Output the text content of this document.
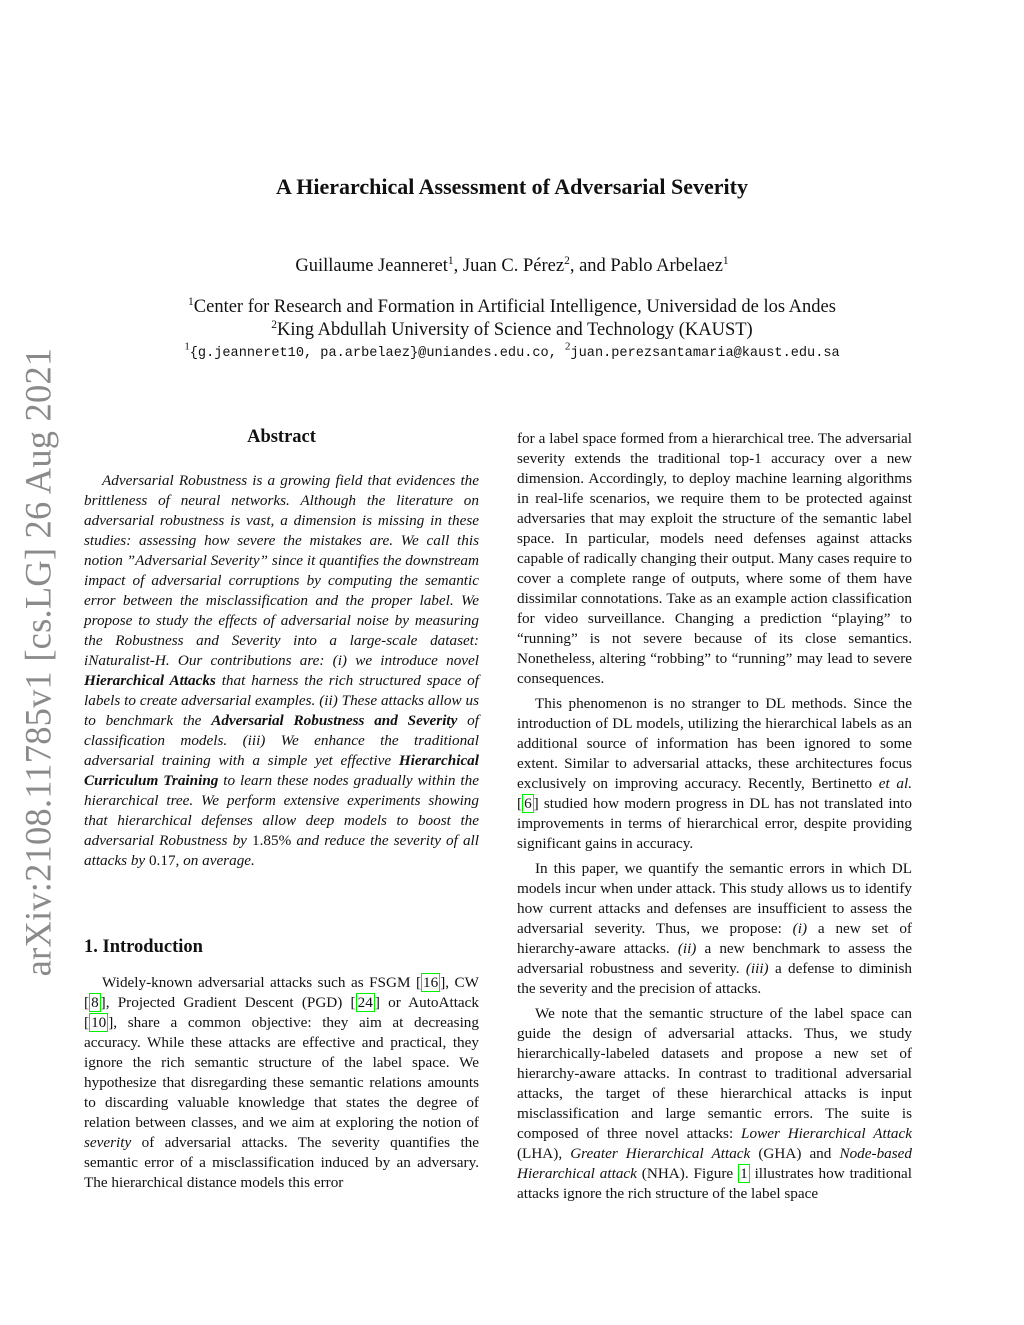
arXiv:2108.11785v1 [cs.LG] 26 Aug 2021
A Hierarchical Assessment of Adversarial Severity
Guillaume Jeanneret$^1$, Juan C. Pérez$^2$, and Pablo Arbelaez$^1$
$^1$Center for Research and Formation in Artificial Intelligence, Universidad de los Andes
$^2$King Abdullah University of Science and Technology (KAUST)
$^1${g.jeanneret10, pa.arbelaez}@uniandes.edu.co, $^2$juan.perezsantamaria@kaust.edu.sa
Abstract

Adversarial Robustness is a growing field that evidences the brittleness of neural networks. Although the literature on adversarial robustness is vast, a dimension is missing in these studies: assessing how severe the mistakes are. We call this notion ”Adversarial Severity” since it quantifies the downstream impact of adversarial corruptions by computing the semantic error between the misclassification and the proper label. We propose to study the effects of adversarial noise by measuring the Robustness and Severity into a large-scale dataset: iNaturalist-H. Our contributions are: (i) we introduce novel Hierarchical Attacks that harness the rich structured space of labels to create adversarial examples. (ii) These attacks allow us to benchmark the Adversarial Robustness and Severity of classification models. (iii) We enhance the traditional adversarial training with a simple yet effective Hierarchical Curriculum Training to learn these nodes gradually within the hierarchical tree. We perform extensive experiments showing that hierarchical defenses allow deep models to boost the adversarial Robustness by 1.85% and reduce the severity of all attacks by 0.17, on average.

1. Introduction

Widely-known adversarial attacks such as FSGM [ 16 ], CW [ 8 ], Projected Gradient Descent (PGD) [ 24 ] or AutoAttack [ 10 ], share a common objective: they aim at decreasing accuracy. While these attacks are effective and practical, they ignore the rich semantic structure of the label space. We hypothesize that disregarding these semantic relations amounts to discarding valuable knowledge that states the degree of relation between classes, and we aim at exploring the notion of severity of adversarial attacks. The severity quantifies the semantic error of a misclassification induced by an adversary. The hierarchical distance models this error

for a label space formed from a hierarchical tree. The adversarial severity extends the traditional top-1 accuracy over a new dimension. Accordingly, to deploy machine learning algorithms in real-life scenarios, we require them to be protected against adversaries that may exploit the structure of the semantic label space. In particular, models need defenses against attacks capable of radically changing their output. Many cases require to cover a complete range of outputs, where some of them have dissimilar connotations. Take as an example action classification for video surveillance. Changing a prediction “playing” to “running” is not severe because of its close semantics. Nonetheless, altering “robbing” to “running” may lead to severe consequences.

This phenomenon is no stranger to DL methods. Since the introduction of DL models, utilizing the hierarchical labels as an additional source of information has been ignored to some extent. Similar to adversarial attacks, these architectures focus exclusively on improving accuracy. Recently, Bertinetto et al. [ 6 ] studied how modern progress in DL has not translated into improvements in terms of hierarchical error, despite providing significant gains in accuracy.

In this paper, we quantify the semantic errors in which DL models incur when under attack. This study allows us to identify how current attacks and defenses are insufficient to assess the adversarial severity. Thus, we propose: (i) a new set of hierarchy-aware attacks. (ii) a new benchmark to assess the adversarial robustness and severity. (iii) a defense to diminish the severity and the precision of attacks.

We note that the semantic structure of the label space can guide the design of adversarial attacks. Thus, we study hierarchically-labeled datasets and propose a new set of hierarchy-aware attacks. In contrast to traditional adversarial attacks, the target of these hierarchical attacks is input misclassification and large semantic errors. The suite is composed of three novel attacks: Lower Hierarchical Attack (LHA), Greater Hierarchical Attack (GHA) and Node-based Hierarchical attack (NHA). Figure 1 illustrates how traditional attacks ignore the rich structure of the label space
